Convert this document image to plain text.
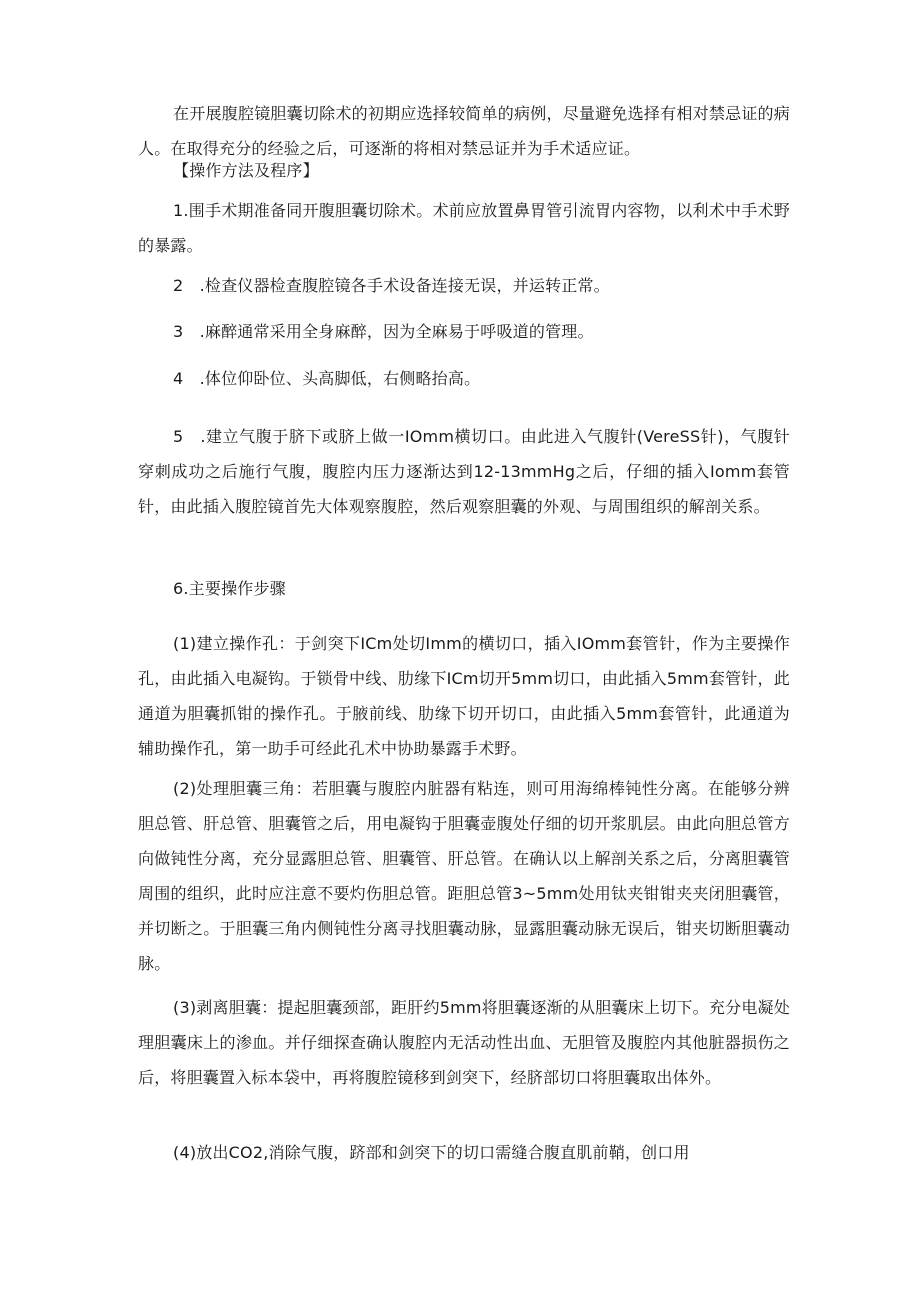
在开展腹腔镜胆囊切除术的初期应选择较简单的病例，尽量避免选择有相对禁忌证的病人。在取得充分的经验之后，可逐渐的将相对禁忌证并为手术适应证。

【操作方法及程序】

1.围手术期准备同开腹胆囊切除术。术前应放置鼻胃管引流胃内容物，以利术中手术野的暴露。

2　.检查仪器检查腹腔镜各手术设备连接无误，并运转正常。

3　.麻醉通常采用全身麻醉，因为全麻易于呼吸道的管理。

4　.体位仰卧位、头高脚低，右侧略抬高。

5　.建立气腹于脐下或脐上做一IOmm横切口。由此进入气腹针(VereSS针)，气腹针穿刺成功之后施行气腹，腹腔内压力逐渐达到12-13mmHg之后，仔细的插入Iomm套管针，由此插入腹腔镜首先大体观察腹腔，然后观察胆囊的外观、与周围组织的解剖关系。

6.主要操作步骤

(1)建立操作孔：于剑突下ICm处切Imm的横切口，插入IOmm套管针，作为主要操作孔，由此插入电凝钩。于锁骨中线、肋缘下ICm切开5mm切口，由此插入5mm套管针，此通道为胆囊抓钳的操作孔。于腋前线、肋缘下切开切口，由此插入5mm套管针，此通道为辅助操作孔，第一助手可经此孔术中协助暴露手术野。

(2)处理胆囊三角：若胆囊与腹腔内脏器有粘连，则可用海绵棒钝性分离。在能够分辨胆总管、肝总管、胆囊管之后，用电凝钩于胆囊壶腹处仔细的切开浆肌层。由此向胆总管方向做钝性分离，充分显露胆总管、胆囊管、肝总管。在确认以上解剖关系之后，分离胆囊管周围的组织，此时应注意不要灼伤胆总管。距胆总管3~5mm处用钛夹钳钳夹夹闭胆囊管，并切断之。于胆囊三角内侧钝性分离寻找胆囊动脉，显露胆囊动脉无误后，钳夹切断胆囊动脉。

(3)剥离胆囊：提起胆囊颈部，距肝约5mm将胆囊逐渐的从胆囊床上切下。充分电凝处理胆囊床上的渗血。并仔细探查确认腹腔内无活动性出血、无胆管及腹腔内其他脏器损伤之后，将胆囊置入标本袋中，再将腹腔镜移到剑突下，经脐部切口将胆囊取出体外。

(4)放出CO2,消除气腹，跻部和剑突下的切口需缝合腹直肌前鞘，创口用
